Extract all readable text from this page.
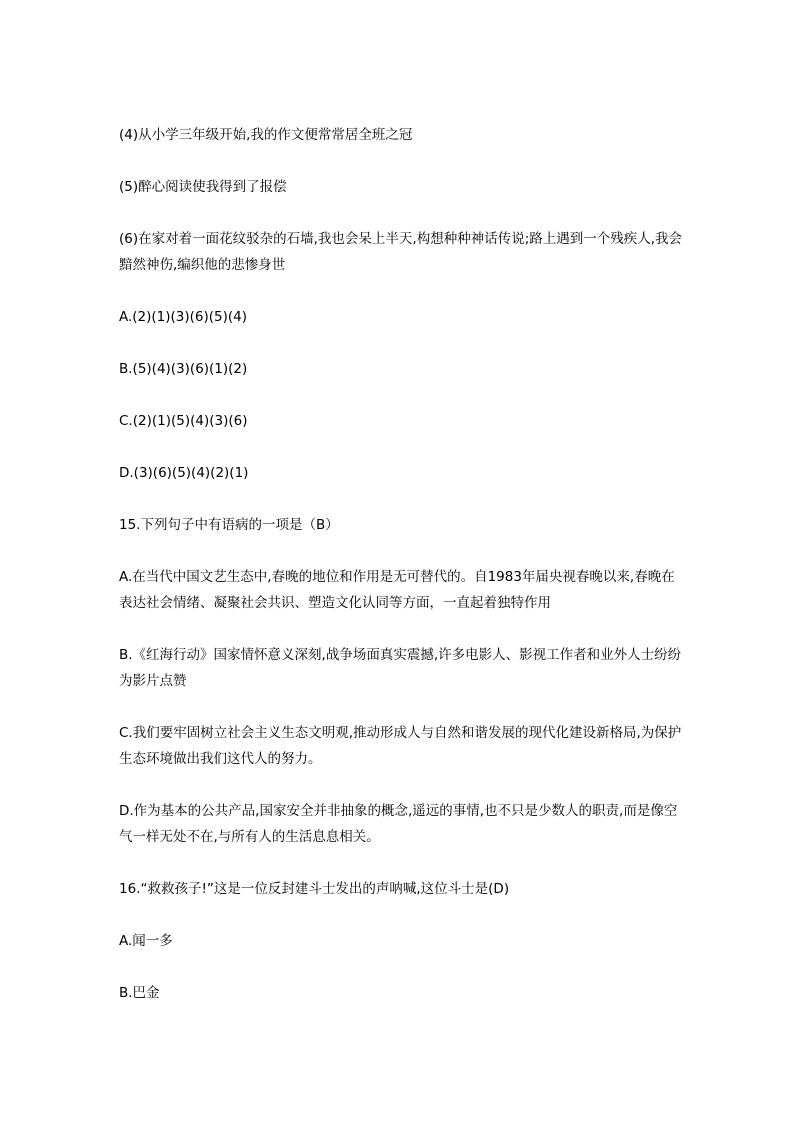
(4)从小学三年级开始,我的作文便常常居全班之冠

(5)醉心阅读使我得到了报偿

(6)在家对着一面花纹驳杂的石墙,我也会呆上半天,构想种种神话传说;路上遇到一个残疾人,我会黯然神伤,编织他的悲惨身世

A.(2)(1)(3)(6)(5)(4)

B.(5)(4)(3)(6)(1)(2)

C.(2)(1)(5)(4)(3)(6)

D.(3)(6)(5)(4)(2)(1)

15.下列句子中有语病的一项是（B）

A.在当代中国文艺生态中,春晚的地位和作用是无可替代的。自1983年届央视春晚以来,春晚在表达社会情绪、凝聚社会共识、塑造文化认同等方面，一直起着独特作用

B.《红海行动》国家情怀意义深刻,战争场面真实震撼,许多电影人、影视工作者和业外人士纷纷为影片点赞

C.我们要牢固树立社会主义生态文明观,推动形成人与自然和谐发展的现代化建设新格局,为保护生态环境做出我们这代人的努力。

D.作为基本的公共产品,国家安全并非抽象的概念,遥远的事情,也不只是少数人的职责,而是像空气一样无处不在,与所有人的生活息息相关。

16.“救救孩子!”这是一位反封建斗士发出的声呐喊,这位斗士是(D)

A.闻一多

B.巴金
